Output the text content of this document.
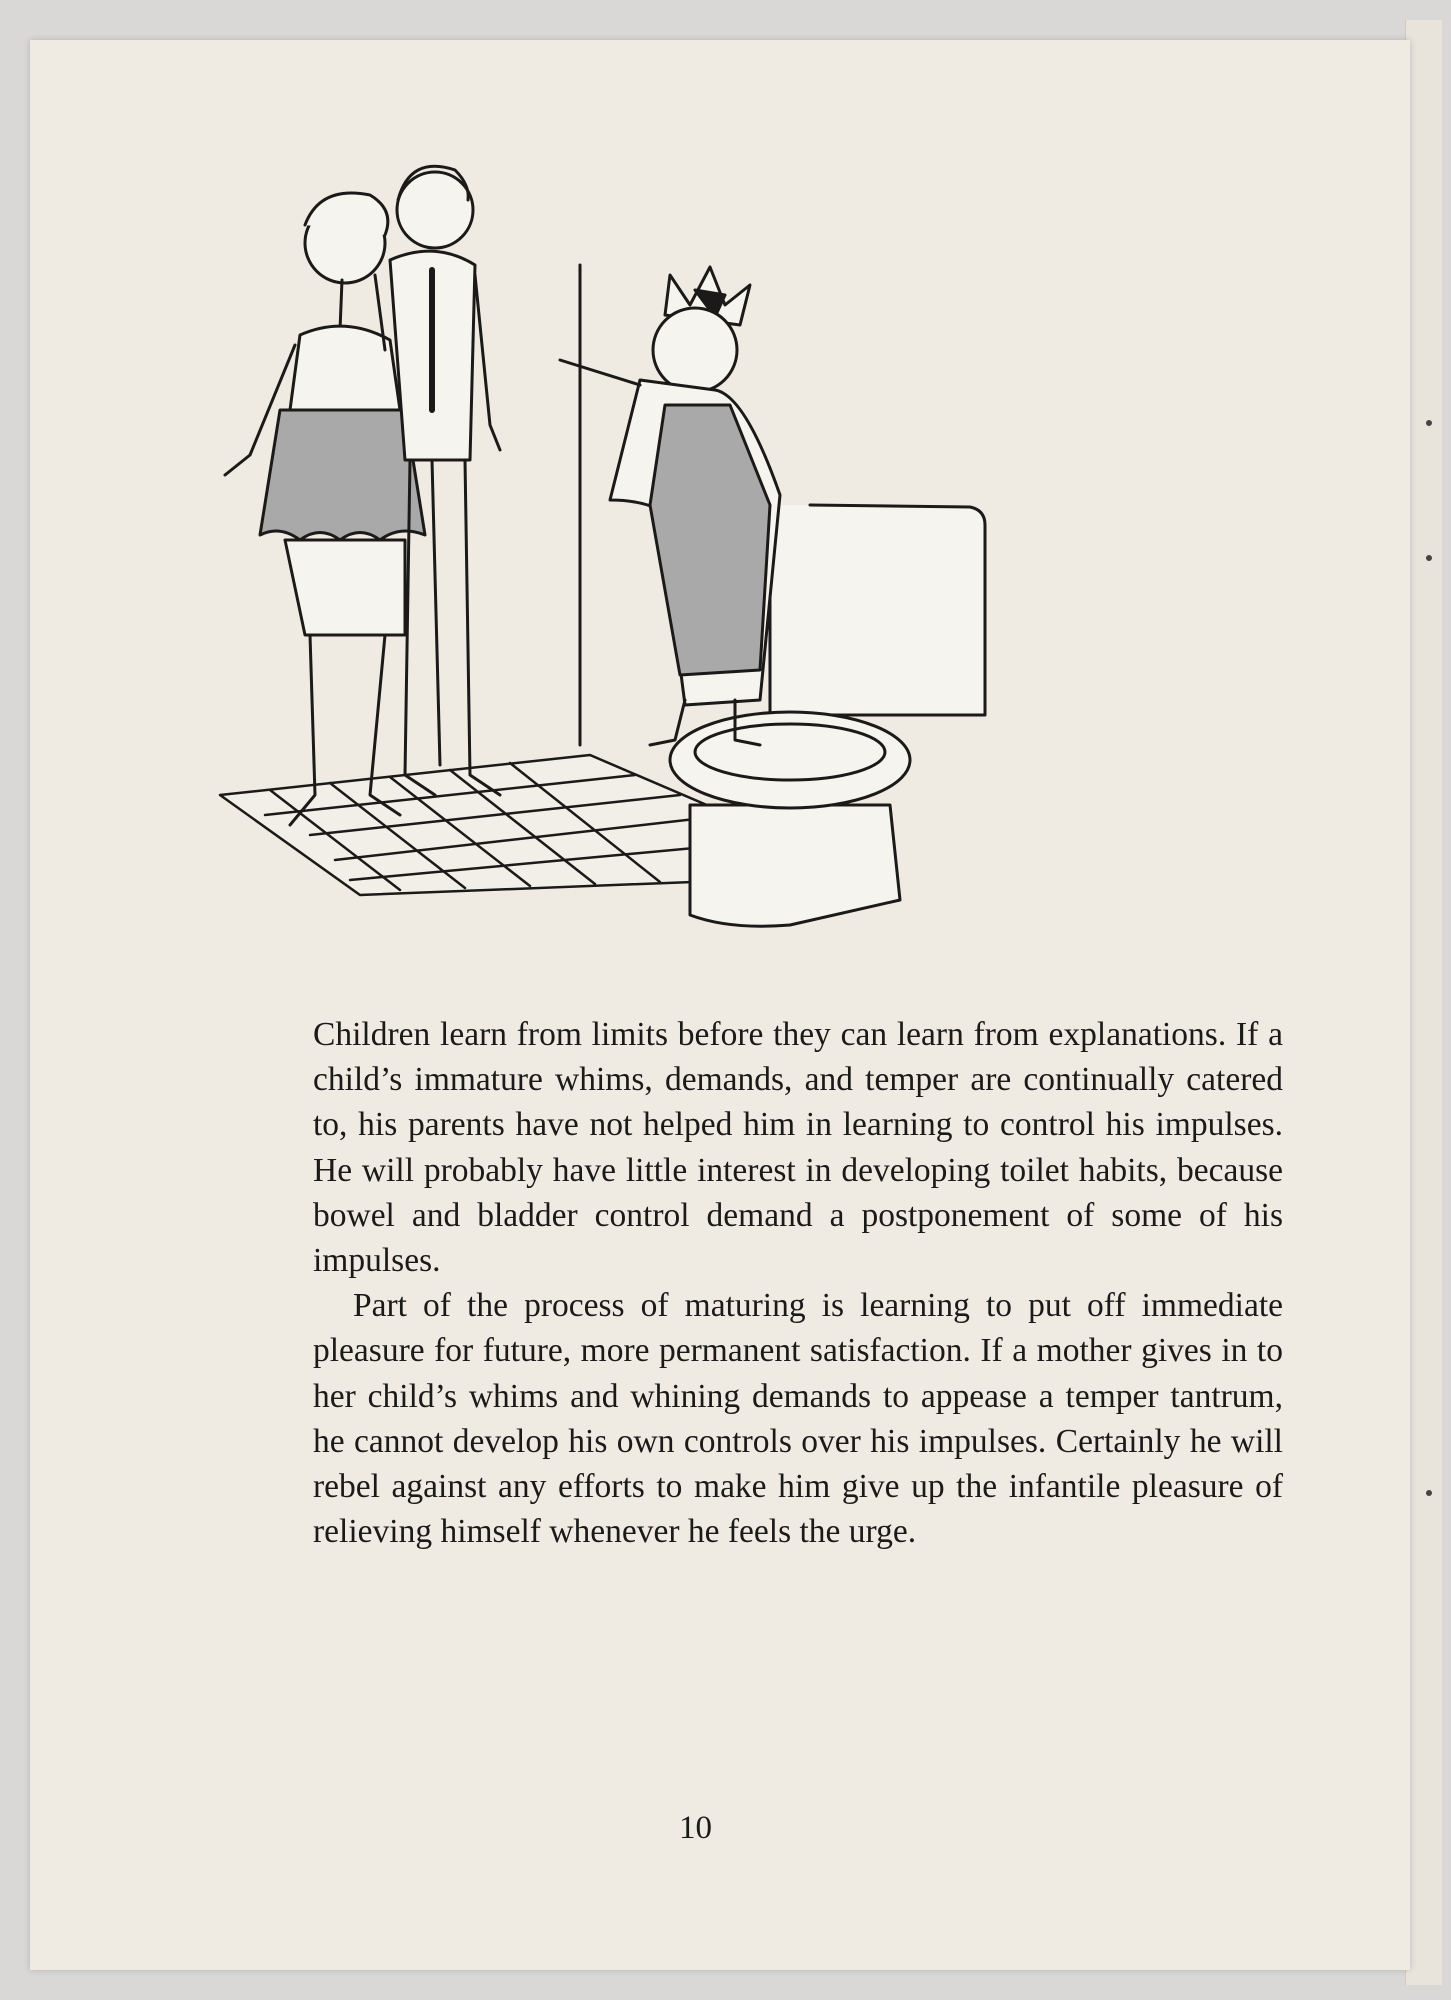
Children learn from limits before they can learn from explanations. If a child’s immature whims, demands, and temper are continually catered to, his parents have not helped him in learning to control his impulses. He will probably have little interest in developing toilet habits, because bowel and bladder control demand a postponement of some of his impulses.

Part of the process of maturing is learning to put off immediate pleasure for future, more permanent satisfaction. If a mother gives in to her child’s whims and whining demands to appease a temper tantrum, he cannot develop his own controls over his impulses. Certainly he will rebel against any efforts to make him give up the infantile pleasure of relieving himself whenever he feels the urge.

10
